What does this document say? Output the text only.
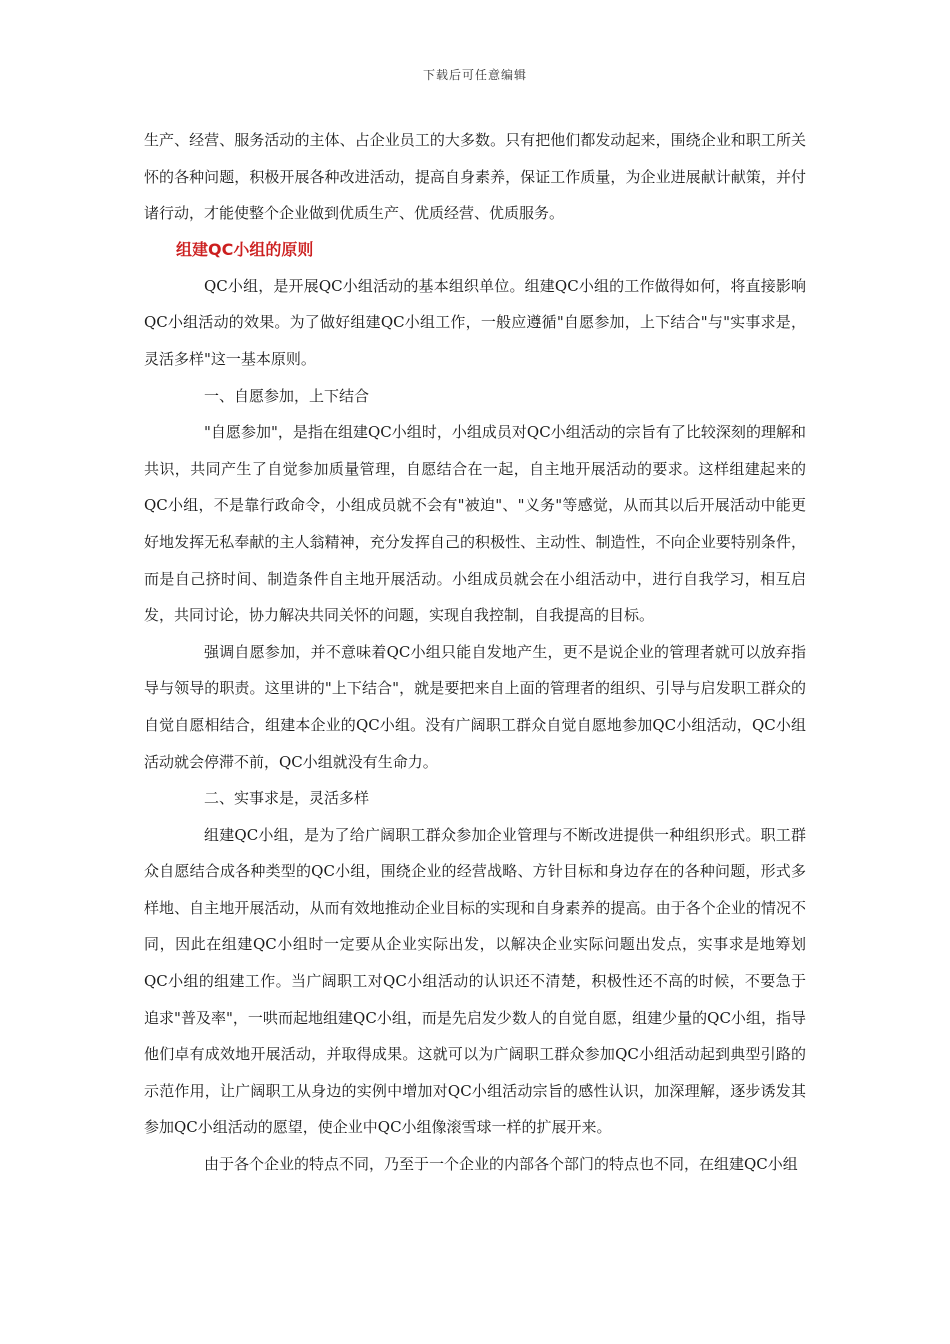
下载后可任意编辑

生产、经营、服务活动的主体、占企业员工的大多数。只有把他们都发动起来，围绕企业和职工所关怀的各种问题，积极开展各种改进活动，提高自身素养，保证工作质量，为企业进展献计献策，并付诸行动，才能使整个企业做到优质生产、优质经营、优质服务。

组建QC小组的原则

QC小组，是开展QC小组活动的基本组织单位。组建QC小组的工作做得如何，将直接影响QC小组活动的效果。为了做好组建QC小组工作，一般应遵循"自愿参加，上下结合"与"实事求是，灵活多样"这一基本原则。

一、自愿参加，上下结合

"自愿参加"，是指在组建QC小组时，小组成员对QC小组活动的宗旨有了比较深刻的理解和共识，共同产生了自觉参加质量管理，自愿结合在一起，自主地开展活动的要求。这样组建起来的QC小组，不是靠行政命令，小组成员就不会有"被迫"、"义务"等感觉，从而其以后开展活动中能更好地发挥无私奉献的主人翁精神，充分发挥自己的积极性、主动性、制造性，不向企业要特别条件，而是自己挤时间、制造条件自主地开展活动。小组成员就会在小组活动中，进行自我学习，相互启发，共同讨论，协力解决共同关怀的问题，实现自我控制，自我提高的目标。

强调自愿参加，并不意味着QC小组只能自发地产生，更不是说企业的管理者就可以放弃指导与领导的职责。这里讲的"上下结合"，就是要把来自上面的管理者的组织、引导与启发职工群众的自觉自愿相结合，组建本企业的QC小组。没有广阔职工群众自觉自愿地参加QC小组活动，QC小组活动就会停滞不前，QC小组就没有生命力。

二、实事求是，灵活多样

组建QC小组，是为了给广阔职工群众参加企业管理与不断改进提供一种组织形式。职工群众自愿结合成各种类型的QC小组，围绕企业的经营战略、方针目标和身边存在的各种问题，形式多样地、自主地开展活动，从而有效地推动企业目标的实现和自身素养的提高。由于各个企业的情况不同，因此在组建QC小组时一定要从企业实际出发，以解决企业实际问题出发点，实事求是地筹划QC小组的组建工作。当广阔职工对QC小组活动的认识还不清楚，积极性还不高的时候，不要急于追求"普及率"，一哄而起地组建QC小组，而是先启发少数人的自觉自愿，组建少量的QC小组，指导他们卓有成效地开展活动，并取得成果。这就可以为广阔职工群众参加QC小组活动起到典型引路的示范作用，让广阔职工从身边的实例中增加对QC小组活动宗旨的感性认识，加深理解，逐步诱发其参加QC小组活动的愿望，使企业中QC小组像滚雪球一样的扩展开来。

由于各个企业的特点不同，乃至于一个企业的内部各个部门的特点也不同，在组建QC小组
